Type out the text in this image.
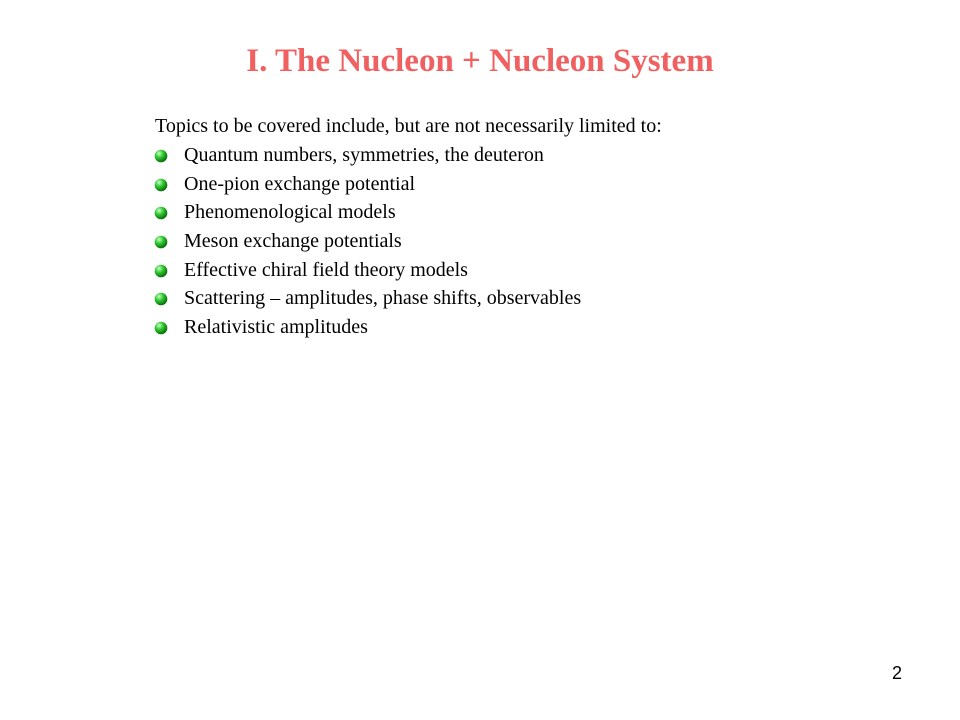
I. The Nucleon + Nucleon System

Topics to be covered include, but are not necessarily limited to:

Quantum numbers, symmetries, the deuteron
One-pion exchange potential
Phenomenological models
Meson exchange potentials
Effective chiral field theory models
Scattering – amplitudes, phase shifts, observables
Relativistic amplitudes
2
